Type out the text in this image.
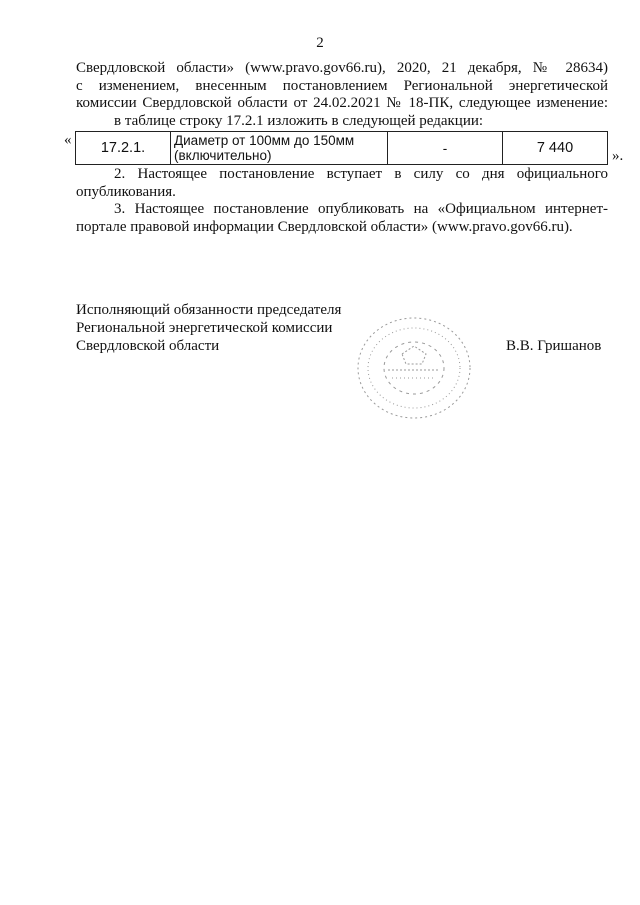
2
Свердловской области» (www.pravo.gov66.ru), 2020, 21 декабря, № 28634)
с изменением, внесенным постановлением Региональной энергетической
комиссии Свердловской области от 24.02.2021 № 18-ПК, следующее изменение:
в таблице строку 17.2.1 изложить в следующей редакции:
« 17.2.1.	Диаметр от 100мм до 150мм
(включительно)	-	7 440	».
2. Настоящее постановление вступает в силу со дня официального
опубликования.
3. Настоящее постановление опубликовать на «Официальном интернет-
портале правовой информации Свердловской области» (www.pravo.gov66.ru).
Исполняющий обязанности председателя
Региональной энергетической комиссии
Свердловской области	В.В. Гришанов
